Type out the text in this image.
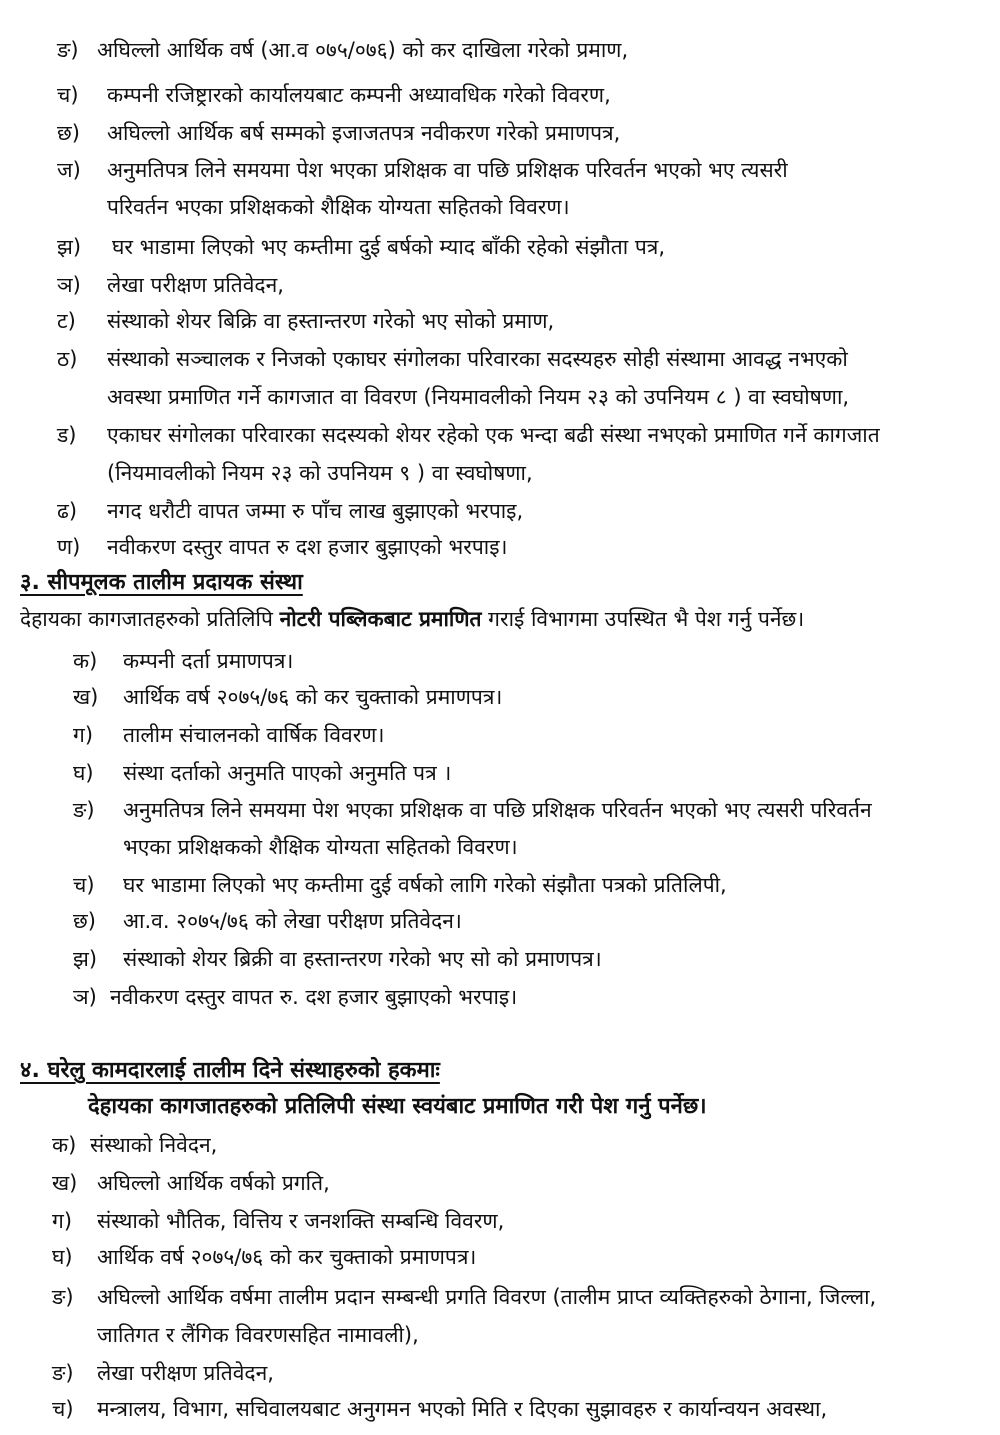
ङ) अघिल्लो आर्थिक वर्ष (आ.व ०७५/०७६) को कर दाखिला गरेको प्रमाण,
च) कम्पनी रजिष्ट्रारको कार्यालयबाट कम्पनी अध्यावधिक गरेको विवरण,
छ) अघिल्लो आर्थिक बर्ष सम्मको इजाजतपत्र नवीकरण गरेको प्रमाणपत्र,
ज) अनुमतिपत्र लिने समयमा पेश भएका प्रशिक्षक वा पछि प्रशिक्षक परिवर्तन भएको भए त्यसरी
परिवर्तन भएका प्रशिक्षकको शैक्षिक योग्यता सहितको विवरण।
झ) घर भाडामा लिएको भए कम्तीमा दुई बर्षको म्याद बाँकी रहेको संझौता पत्र,
ञ) लेखा परीक्षण प्रतिवेदन,
ट) संस्थाको शेयर बिक्रि वा हस्तान्तरण गरेको भए सोको प्रमाण,
ठ) संस्थाको सञ्चालक र निजको एकाघर संगोलका परिवारका सदस्यहरु सोही संस्थामा आवद्ध नभएको
अवस्था प्रमाणित गर्ने कागजात वा विवरण (नियमावलीको नियम २३ को उपनियम ८ ) वा स्वघोषणा,
ड) एकाघर संगोलका परिवारका सदस्यको शेयर रहेको एक भन्दा बढी संस्था नभएको प्रमाणित गर्ने कागजात
(नियमावलीको नियम २३ को उपनियम ९ ) वा स्वघोषणा,
ढ) नगद धरौटी वापत जम्मा रु पाँच लाख बुझाएको भरपाइ,
ण) नवीकरण दस्तुर वापत रु दश हजार बुझाएको भरपाइ।
३. सीपमूलक तालीम प्रदायक संस्था
देहायका कागजातहरुको प्रतिलिपि नोटरी पब्लिकबाट प्रमाणित गराई विभागमा उपस्थित भै पेश गर्नु पर्नेछ।
क) कम्पनी दर्ता प्रमाणपत्र।
ख) आर्थिक वर्ष २०७५/७६ को कर चुक्ताको प्रमाणपत्र।
ग) तालीम संचालनको वार्षिक विवरण।
घ) संस्था दर्ताको अनुमति पाएको अनुमति पत्र ।
ङ) अनुमतिपत्र लिने समयमा पेश भएका प्रशिक्षक वा पछि प्रशिक्षक परिवर्तन भएको भए त्यसरी परिवर्तन
भएका प्रशिक्षकको शैक्षिक योग्यता सहितको विवरण।
च) घर भाडामा लिएको भए कम्तीमा दुई वर्षको लागि गरेको संझौता पत्रको प्रतिलिपी,
छ) आ.व. २०७५/७६ को लेखा परीक्षण प्रतिवेदन।
झ) संस्थाको शेयर ब्रिक्री वा हस्तान्तरण गरेको भए सो को प्रमाणपत्र।
ञ) नवीकरण दस्तुर वापत रु. दश हजार बुझाएको भरपाइ।
४. घरेलु कामदारलाई तालीम दिने संस्थाहरुको हकमाः
देहायका कागजातहरुको प्रतिलिपी संस्था स्वयंबाट प्रमाणित गरी पेश गर्नु पर्नेछ।
क) संस्थाको निवेदन,
ख) अघिल्लो आर्थिक वर्षको प्रगति,
ग) संस्थाको भौतिक, वित्तिय र जनशक्ति सम्बन्धि विवरण,
घ) आर्थिक वर्ष २०७५/७६ को कर चुक्ताको प्रमाणपत्र।
ङ) अघिल्लो आर्थिक वर्षमा तालीम प्रदान सम्बन्धी प्रगति विवरण (तालीम प्राप्त व्यक्तिहरुको ठेगाना, जिल्ला,
जातिगत र लैंगिक विवरणसहित नामावली),
ङ) लेखा परीक्षण प्रतिवेदन,
च) मन्त्रालय, विभाग, सचिवालयबाट अनुगमन भएको मिति र दिएका सुझावहरु र कार्यान्वयन अवस्था,
